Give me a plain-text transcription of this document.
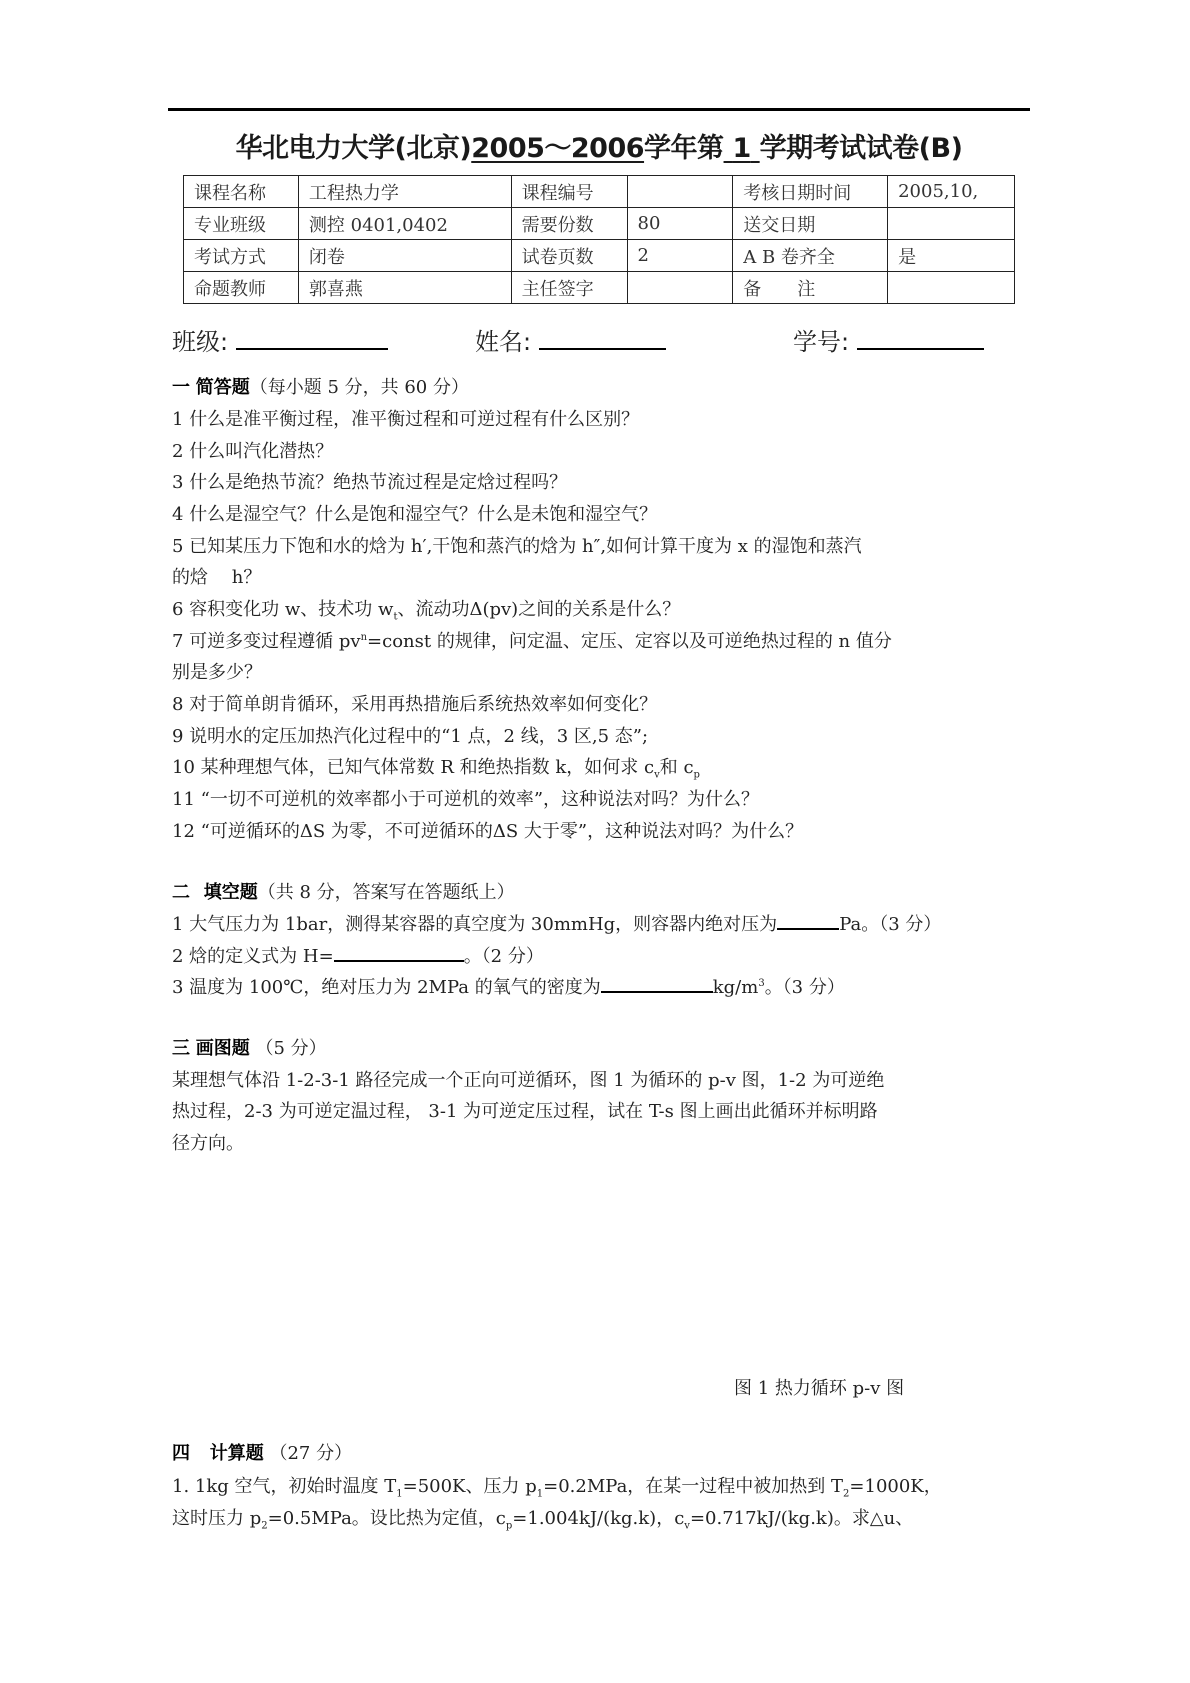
华北电力大学(北京)2005～2006学年第 1 学期考试试卷(B)
课程名称	工程热力学	课程编号		考核日期时间	2005,10,
专业班级	测控 0401,0402	需要份数	80	送交日期	
考试方式	闭卷	试卷页数	2	A B 卷齐全	是
命题教师	郭喜燕	主任签字		备　　注	
班级:	姓名:	学号:
一 简答题（每小题 5 分，共 60 分）
1 什么是准平衡过程，准平衡过程和可逆过程有什么区别？
2 什么叫汽化潜热？
3 什么是绝热节流？绝热节流过程是定焓过程吗？
4 什么是湿空气？什么是饱和湿空气？什么是未饱和湿空气？
5 已知某压力下饱和水的焓为 h′,干饱和蒸汽的焓为 h″,如何计算干度为 x 的湿饱和蒸汽
的焓　 h？
6 容积变化功 w、技术功 $w_t$、流动功Δ(pv)之间的关系是什么？
7 可逆多变过程遵循 $pv^n=const$ 的规律，问定温、定压、定容以及可逆绝热过程的 n 值分
别是多少？
8 对于简单朗肯循环，采用再热措施后系统热效率如何变化？
9 说明水的定压加热汽化过程中的“1 点，2 线，3 区,5 态”;
10 某种理想气体，已知气体常数 R 和绝热指数 k，如何求 $c_v$和 $c_p$
11 “一切不可逆机的效率都小于可逆机的效率”，这种说法对吗？为什么？
12 “可逆循环的ΔS 为零，不可逆循环的ΔS 大于零”，这种说法对吗？为什么？
二 填空题（共 8 分，答案写在答题纸上）
1 大气压力为 1bar，测得某容器的真空度为 30mmHg，则容器内绝对压为	Pa。（3 分）
2 焓的定义式为 H=	。（2 分）
3 温度为 100℃，绝对压力为 2MPa 的氧气的密度为	$kg/m^3$。（3 分）
三 画图题 （5 分）
某理想气体沿 1-2-3-1 路径完成一个正向可逆循环，图 1 为循环的 p-v 图，1-2 为可逆绝
热过程，2-3 为可逆定温过程， 3-1 为可逆定压过程，试在 T-s 图上画出此循环并标明路
径方向。
图 1 热力循环 p-v 图
四 计算题 （27 分）
1. 1kg 空气，初始时温度 $T_1=500K$、压力 $p_1=0.2MPa$，在某一过程中被加热到 $T_2=1000K$，
这时压力 $p_2=0.5MPa$。设比热为定值，$c_p=1.004kJ/(kg.k)$，$c_v=0.717kJ/(kg.k)$。求△u、
